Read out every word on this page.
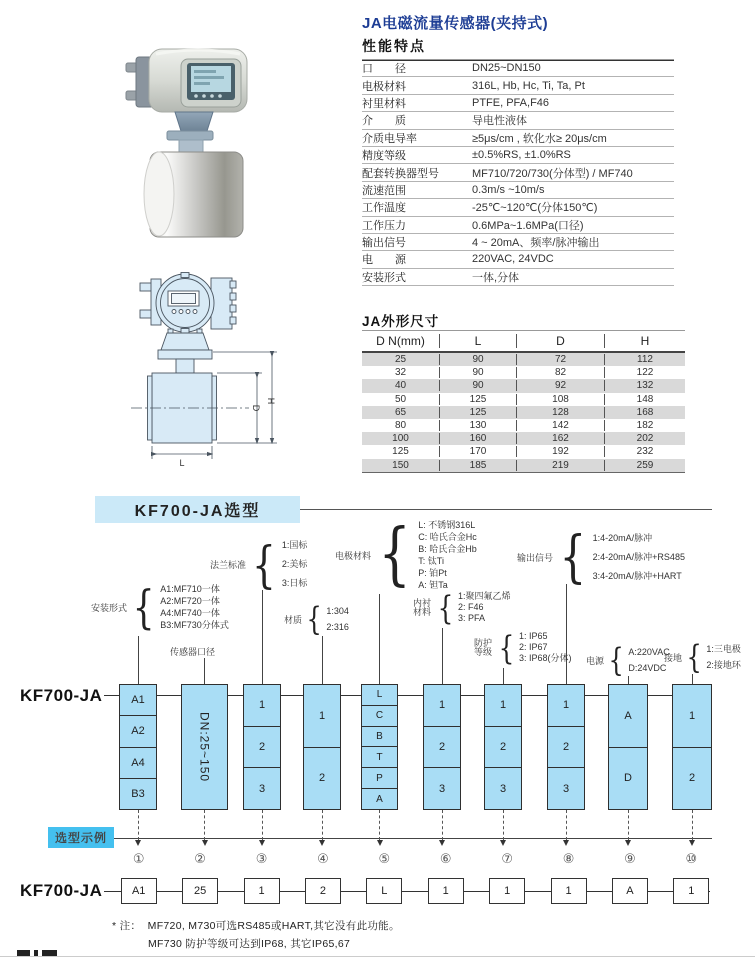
H
D
L
JA电磁流量传感器(夹持式)
性能特点
口　　径	DN25~DN150
电极材料	316L, Hb, Hc, Ti, Ta, Pt
衬里材料	PTFE, PFA,F46
介　　质	导电性液体
介质电导率	≥5μs/cm , 软化水≥ 20μs/cm
精度等级	±0.5%RS, ±1.0%RS
配套转换器型号	MF710/720/730(分体型) / MF740
流速范围	0.3m/s ~10m/s
工作温度	-25℃~120℃(分体150℃)
工作压力	0.6MPa~1.6MPa(口径)
输出信号	4 ~ 20mA、频率/脉冲输出
电　　源	220VAC, 24VDC
安装形式	一体,分体
JA外形尺寸
D N(mm)	L	D	H
25	90	72	112
32	90	82	122
40	90	92	132
50	125	108	148
65	125	128	168
80	130	142	182
100	160	162	202
125	170	192	232
150	185	219	259
KF700-JA选型
KF700-JA
安装形式
{
A1:MF710一体
A2:MF720一体
A4:MF740一体
B3:MF730分体式
传感器口径
法兰标准
{
1:国标
2:美标
3:日标
材质
{
1:304
2:316
电极材料
{
L: 不锈钢316L
C: 哈氏合金Hc
B: 哈氏合金Hb
T: 钛Ti
P: 铂Pt
A: 钽Ta
内衬材料
{
1:聚四氟乙烯
2: F46
3: PFA
防护等级
{
1: IP65
2: IP67
3: IP68(分体)
输出信号
{
1:4-20mA/脉冲
2:4-20mA/脉冲+RS485
3:4-20mA/脉冲+HART
电源
{
A:220VAC
D:24VDC
接地
{
1:三电极
2:接地环
A1
A2
A4
B3
DN:25~150
1
2
3
1
2
L
C
B
T
P
A
1
2
3
1
2
3
1
2
3
A
D
1
2
选型示例
①	②	③	④	⑤	⑥	⑦	⑧	⑨	⑩
KF700-JA	A1	25	1	2	L	1	1	1	A	1
* 注： MF720, M730可选RS485或HART,其它没有此功能。
MF730 防护等级可达到IP68, 其它IP65,67
